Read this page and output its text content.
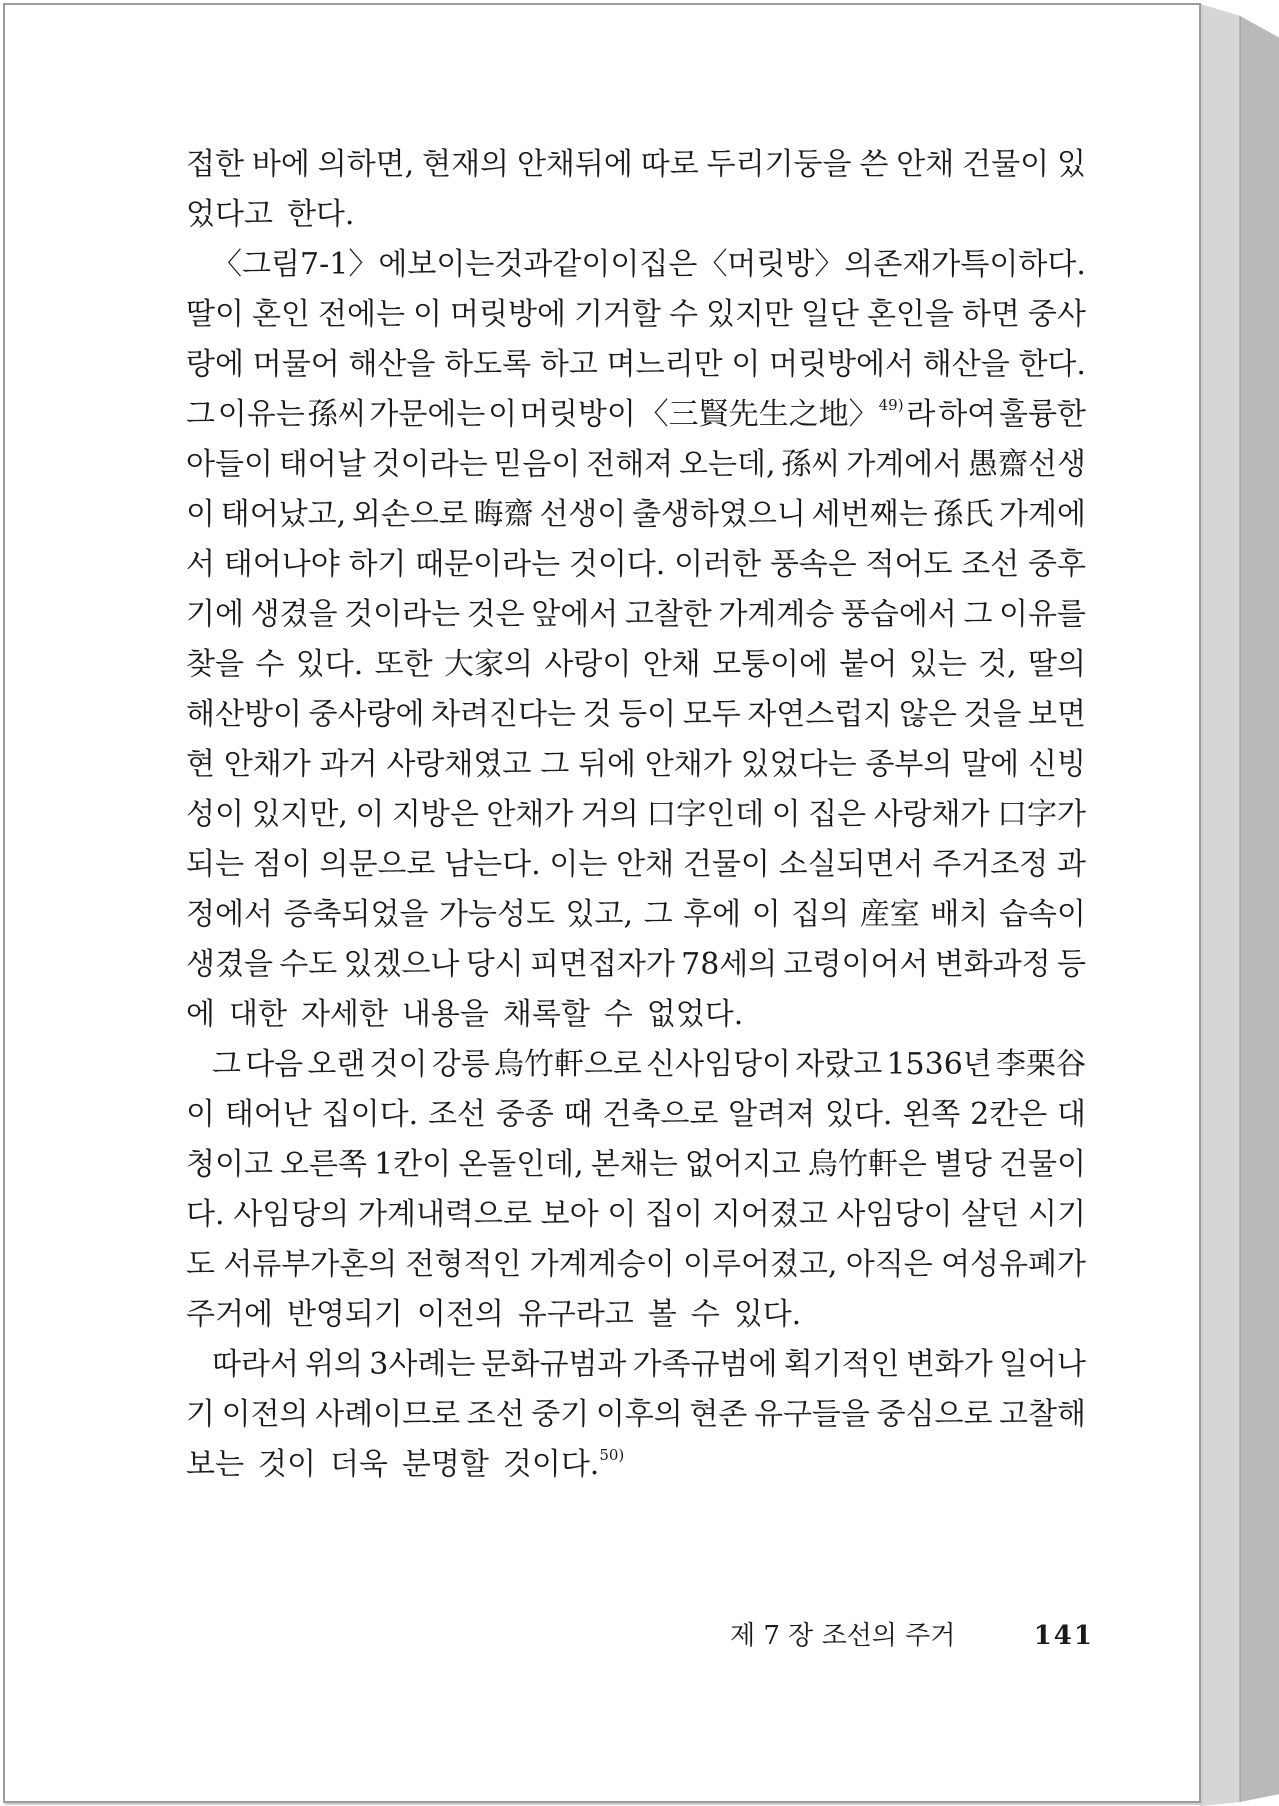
접한 바에 의하면, 현재의 안채뒤에 따로 두리기둥을 쓴 안채 건물이 있
었다고 한다.
〈그림 7-1〉에 보이는 것과 같이 이 집은 〈머릿방〉의 존재가 특이하다.
딸이 혼인 전에는 이 머릿방에 기거할 수 있지만 일단 혼인을 하면 중사
랑에 머물어 해산을 하도록 하고 며느리만 이 머릿방에서 해산을 한다.
그 이유는 孫씨 가문에는 이 머릿방이 〈三賢先生之地〉$^{49)}$ 라 하여 훌륭한
아들이 태어날 것이라는 믿음이 전해져 오는데, 孫씨 가계에서 愚齋선생
이 태어났고, 외손으로 晦齋 선생이 출생하였으니 세번째는 孫氏 가계에
서 태어나야 하기 때문이라는 것이다. 이러한 풍속은 적어도 조선 중후
기에 생겼을 것이라는 것은 앞에서 고찰한 가계계승 풍습에서 그 이유를
찾을 수 있다. 또한 大家의 사랑이 안채 모퉁이에 붙어 있는 것, 딸의
해산방이 중사랑에 차려진다는 것 등이 모두 자연스럽지 않은 것을 보면
현 안채가 과거 사랑채였고 그 뒤에 안채가 있었다는 종부의 말에 신빙
성이 있지만, 이 지방은 안채가 거의 口字인데 이 집은 사랑채가 口字가
되는 점이 의문으로 남는다. 이는 안채 건물이 소실되면서 주거조정 과
정에서 증축되었을 가능성도 있고, 그 후에 이 집의 産室 배치 습속이
생겼을 수도 있겠으나 당시 피면접자가 78세의 고령이어서 변화과정 등
에 대한 자세한 내용을 채록할 수 없었다.
그 다음 오랜 것이 강릉 烏竹軒으로 신사임당이 자랐고 1536년 李栗谷
이 태어난 집이다. 조선 중종 때 건축으로 알려져 있다. 왼쪽 2칸은 대
청이고 오른쪽 1칸이 온돌인데, 본채는 없어지고 烏竹軒은 별당 건물이
다. 사임당의 가계내력으로 보아 이 집이 지어졌고 사임당이 살던 시기
도 서류부가혼의 전형적인 가계계승이 이루어졌고, 아직은 여성유폐가
주거에 반영되기 이전의 유구라고 볼 수 있다.
따라서 위의 3사례는 문화규범과 가족규범에 획기적인 변화가 일어나
기 이전의 사례이므로 조선 중기 이후의 현존 유구들을 중심으로 고찰해
보는 것이 더욱 분명할 것이다.$^{50)}$
제 7 장 조선의 주거	141
